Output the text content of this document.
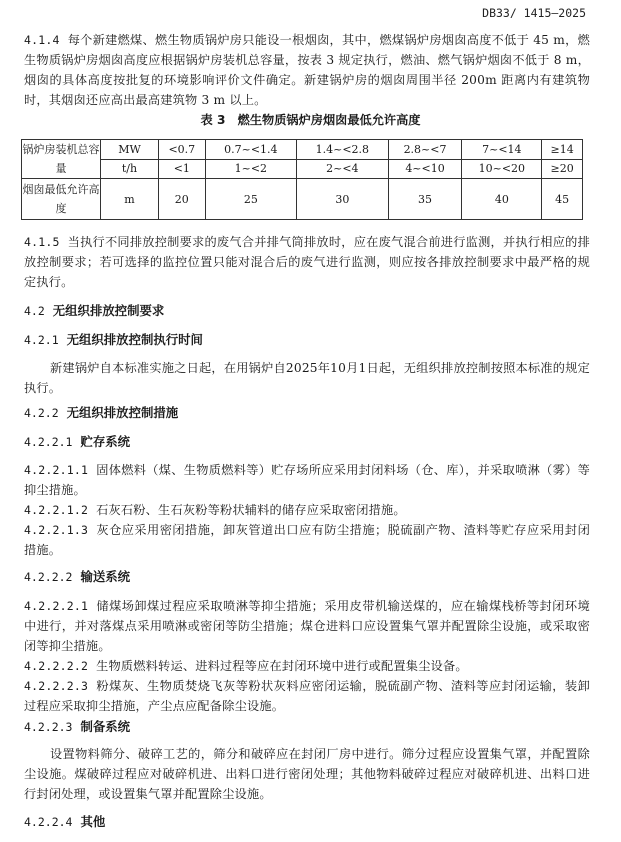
DB33/ 1415—2025

4.1.4 每个新建燃煤、燃生物质锅炉房只能设一根烟囱，其中，燃煤锅炉房烟囱高度不低于 45 m，燃生物质锅炉房烟囱高度应根据锅炉房装机总容量，按表 3 规定执行，燃油、燃气锅炉烟囱不低于 8 m，烟囱的具体高度按批复的环境影响评价文件确定。新建锅炉房的烟囱周围半径 200m 距离内有建筑物时，其烟囱还应高出最高建筑物 3 m 以上。

表 3　燃生物质锅炉房烟囱最低允许高度
锅炉房装机总容量	MW	<0.7	0.7~<1.4	1.4~<2.8	2.8~<7	7~<14	≥14
	t/h	<1	1~<2	2~<4	4~<10	10~<20	≥20
烟囱最低允许高度	m	20	25	30	35	40	45

4.1.5 当执行不同排放控制要求的废气合并排气筒排放时，应在废气混合前进行监测，并执行相应的排放控制要求；若可选择的监控位置只能对混合后的废气进行监测，则应按各排放控制要求中最严格的规定执行。

4.2 无组织排放控制要求
4.2.1 无组织排放控制执行时间

新建锅炉自本标准实施之日起，在用锅炉自2025年10月1日起，无组织排放控制按照本标准的规定执行。

4.2.2 无组织排放控制措施
4.2.2.1 贮存系统

4.2.2.1.1 固体燃料（煤、生物质燃料等）贮存场所应采用封闭料场（仓、库），并采取喷淋（雾）等抑尘措施。

4.2.2.1.2 石灰石粉、生石灰粉等粉状辅料的储存应采取密闭措施。

4.2.2.1.3 灰仓应采用密闭措施，卸灰管道出口应有防尘措施；脱硫副产物、渣料等贮存应采用封闭措施。

4.2.2.2 输送系统

4.2.2.2.1 储煤场卸煤过程应采取喷淋等抑尘措施；采用皮带机输送煤的，应在输煤栈桥等封闭环境中进行，并对落煤点采用喷淋或密闭等防尘措施；煤仓进料口应设置集气罩并配置除尘设施，或采取密闭等抑尘措施。

4.2.2.2.2 生物质燃料转运、进料过程等应在封闭环境中进行或配置集尘设备。

4.2.2.2.3 粉煤灰、生物质焚烧飞灰等粉状灰料应密闭运输，脱硫副产物、渣料等应封闭运输，装卸过程应采取抑尘措施，产尘点应配备除尘设施。

4.2.2.3 制备系统

设置物料筛分、破碎工艺的，筛分和破碎应在封闭厂房中进行。筛分过程应设置集气罩，并配置除尘设施。煤破碎过程应对破碎机进、出料口进行密闭处理；其他物料破碎过程应对破碎机进、出料口进行封闭处理，或设置集气罩并配置除尘设施。

4.2.2.4 其他
